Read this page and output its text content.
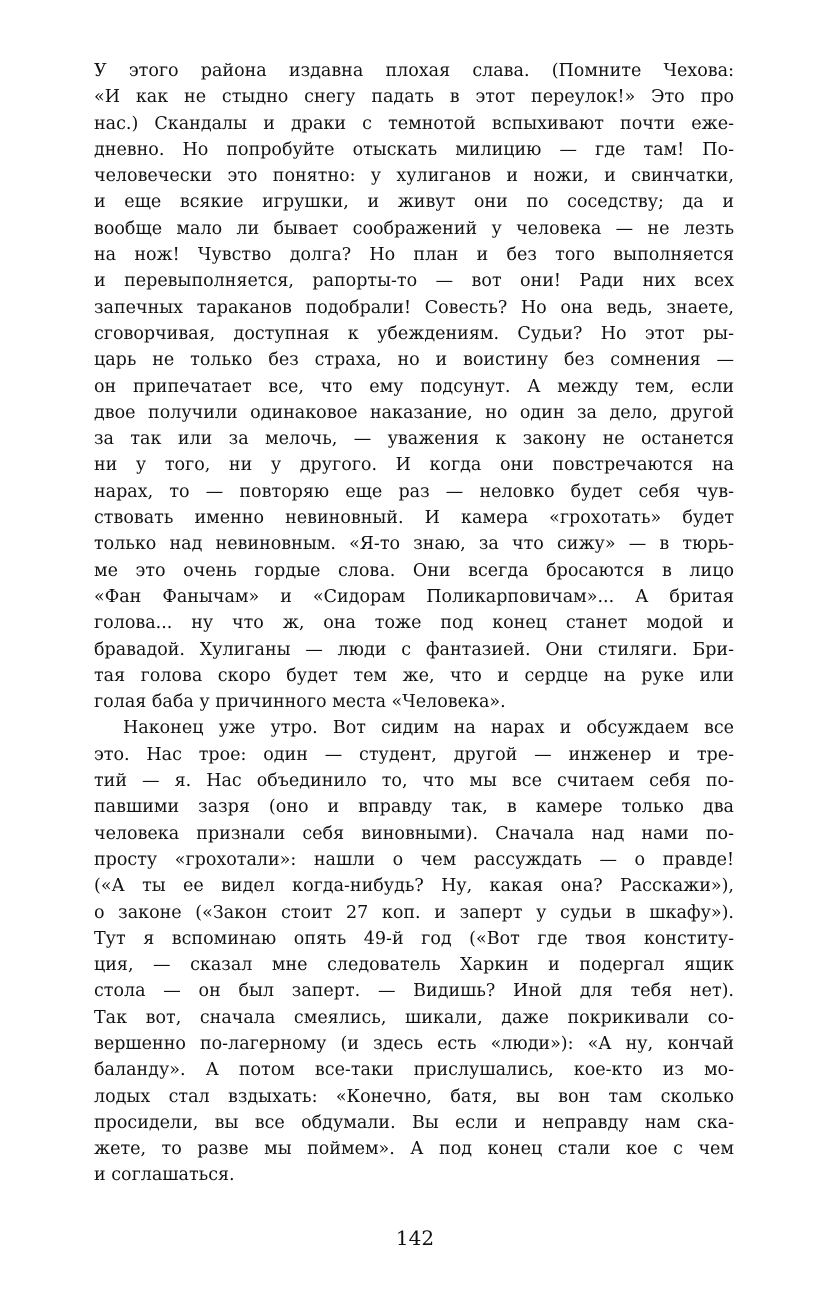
У этого района издавна плохая слава. (Помните Чехова:
«И как не стыдно снегу падать в этот переулок!» Это про
нас.) Скандалы и драки с темнотой вспыхивают почти еже-
дневно. Но попробуйте отыскать милицию — где там! По-
человечески это понятно: у хулиганов и ножи, и свинчатки,
и еще всякие игрушки, и живут они по соседству; да и
вообще мало ли бывает соображений у человека — не лезть
на нож! Чувство долга? Но план и без того выполняется
и перевыполняется, рапорты-то — вот они! Ради них всех
запечных тараканов подобрали! Совесть? Но она ведь, знаете,
сговорчивая, доступная к убеждениям. Судьи? Но этот ры-
царь не только без страха, но и воистину без сомнения —
он припечатает все, что ему подсунут. А между тем, если
двое получили одинаковое наказание, но один за дело, другой
за так или за мелочь, — уважения к закону не останется
ни у того, ни у другого. И когда они повстречаются на
нарах, то — повторяю еще раз — неловко будет себя чув-
ствовать именно невиновный. И камера «грохотать» будет
только над невиновным. «Я-то знаю, за что сижу» — в тюрь-
ме это очень гордые слова. Они всегда бросаются в лицо
«Фан Фанычам» и «Сидорам Поликарповичам»... А бритая
голова... ну что ж, она тоже под конец станет модой и
бравадой. Хулиганы — люди с фантазией. Они стиляги. Бри-
тая голова скоро будет тем же, что и сердце на руке или
голая баба у причинного места «Человека».
Наконец уже утро. Вот сидим на нарах и обсуждаем все
это. Нас трое: один — студент, другой — инженер и тре-
тий — я. Нас объединило то, что мы все считаем себя по-
павшими зазря (оно и вправду так, в камере только два
человека признали себя виновными). Сначала над нами по-
просту «грохотали»: нашли о чем рассуждать — о правде!
(«А ты ее видел когда-нибудь? Ну, какая она? Расскажи»),
о законе («Закон стоит 27 коп. и заперт у судьи в шкафу»).
Тут я вспоминаю опять 49-й год («Вот где твоя конститу-
ция, — сказал мне следователь Харкин и подергал ящик
стола — он был заперт. — Видишь? Иной для тебя нет).
Так вот, сначала смеялись, шикали, даже покрикивали со-
вершенно по-лагерному (и здесь есть «люди»): «А ну, кончай
баланду». А потом все-таки прислушались, кое-кто из мо-
лодых стал вздыхать: «Конечно, батя, вы вон там сколько
просидели, вы все обдумали. Вы если и неправду нам ска-
жете, то разве мы поймем». А под конец стали кое с чем
и соглашаться.
142
